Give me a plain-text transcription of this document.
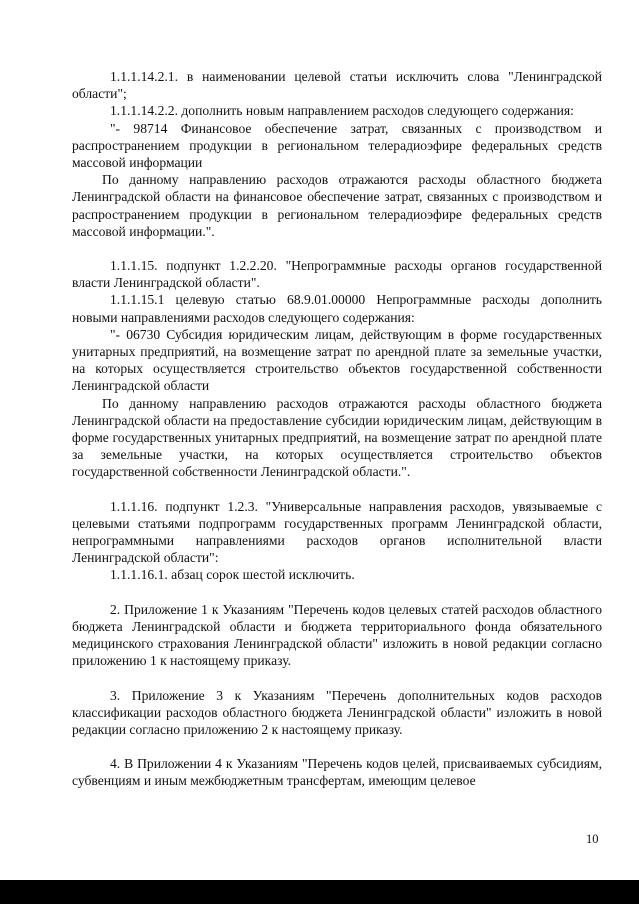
1.1.1.14.2.1. в наименовании целевой статьи исключить слова "Ленинградской области";

1.1.1.14.2.2. дополнить новым направлением расходов следующего содержания:

"- 98714 Финансовое обеспечение затрат, связанных с производством и распространением продукции в региональном телерадиоэфире федеральных средств массовой информации

По данному направлению расходов отражаются расходы областного бюджета Ленинградской области на финансовое обеспечение затрат, связанных с производством и распространением продукции в региональном телерадиоэфире федеральных средств массовой информации.".

1.1.1.15. подпункт 1.2.2.20. "Непрограммные расходы органов государственной власти Ленинградской области".

1.1.1.15.1 целевую статью 68.9.01.00000 Непрограммные расходы дополнить новыми направлениями расходов следующего содержания:

"- 06730 Субсидия юридическим лицам, действующим в форме государственных унитарных предприятий, на возмещение затрат по арендной плате за земельные участки, на которых осуществляется строительство объектов государственной собственности Ленинградской области

По данному направлению расходов отражаются расходы областного бюджета Ленинградской области на предоставление субсидии юридическим лицам, действующим в форме государственных унитарных предприятий, на возмещение затрат по арендной плате за земельные участки, на которых осуществляется строительство объектов государственной собственности Ленинградской области.".

1.1.1.16. подпункт 1.2.3. "Универсальные направления расходов, увязываемые с целевыми статьями подпрограмм государственных программ Ленинградской области, непрограммными направлениями расходов органов исполнительной власти Ленинградской области":

1.1.1.16.1. абзац сорок шестой исключить.

2. Приложение 1 к Указаниям "Перечень кодов целевых статей расходов областного бюджета Ленинградской области и бюджета территориального фонда обязательного медицинского страхования Ленинградской области" изложить в новой редакции согласно приложению 1 к настоящему приказу.

3. Приложение 3 к Указаниям "Перечень дополнительных кодов расходов классификации расходов областного бюджета Ленинградской области" изложить в новой редакции согласно приложению 2 к настоящему приказу.

4. В Приложении 4 к Указаниям "Перечень кодов целей, присваиваемых субсидиям, субвенциям и иным межбюджетным трансфертам, имеющим целевое

10
